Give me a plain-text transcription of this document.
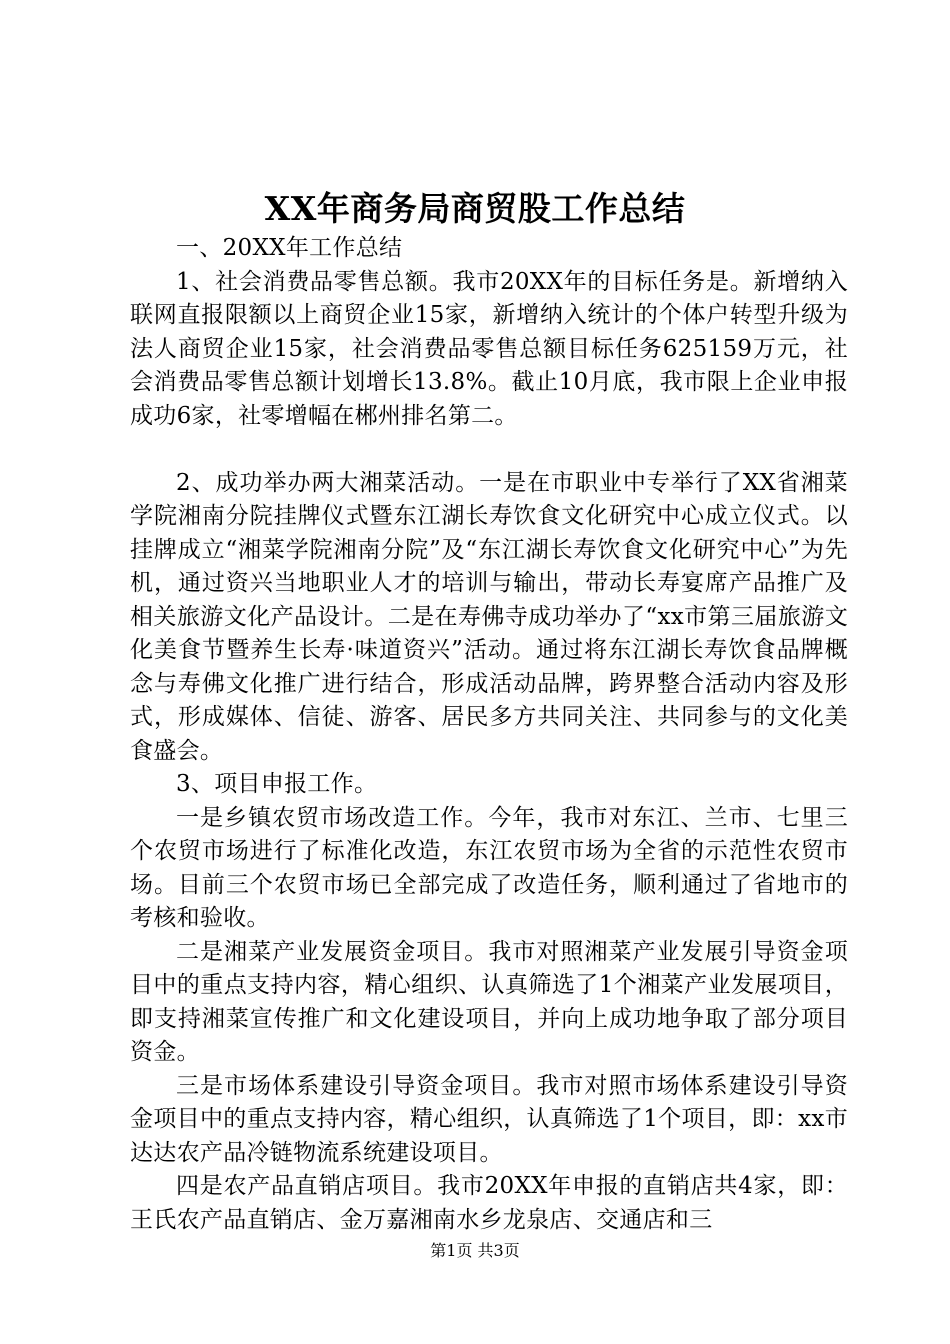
XX年商务局商贸股工作总结

一、20XX年工作总结

1、社会消费品零售总额。我市20XX年的目标任务是。新增纳入联网直报限额以上商贸企业15家，新增纳入统计的个体户转型升级为法人商贸企业15家，社会消费品零售总额目标任务625159万元，社会消费品零售总额计划增长13.8%。截止10月底，我市限上企业申报成功6家，社零增幅在郴州排名第二。

2、成功举办两大湘菜活动。一是在市职业中专举行了XX省湘菜学院湘南分院挂牌仪式暨东江湖长寿饮食文化研究中心成立仪式。以挂牌成立“湘菜学院湘南分院”及“东江湖长寿饮食文化研究中心”为先机，通过资兴当地职业人才的培训与输出，带动长寿宴席产品推广及相关旅游文化产品设计。二是在寿佛寺成功举办了“xx市第三届旅游文化美食节暨养生长寿·味道资兴”活动。通过将东江湖长寿饮食品牌概念与寿佛文化推广进行结合，形成活动品牌，跨界整合活动内容及形式，形成媒体、信徒、游客、居民多方共同关注、共同参与的文化美食盛会。

3、项目申报工作。

一是乡镇农贸市场改造工作。今年，我市对东江、兰市、七里三个农贸市场进行了标准化改造，东江农贸市场为全省的示范性农贸市场。目前三个农贸市场已全部完成了改造任务，顺利通过了省地市的考核和验收。

二是湘菜产业发展资金项目。我市对照湘菜产业发展引导资金项目中的重点支持内容，精心组织、认真筛选了1个湘菜产业发展项目，即支持湘菜宣传推广和文化建设项目，并向上成功地争取了部分项目资金。

三是市场体系建设引导资金项目。我市对照市场体系建设引导资金项目中的重点支持内容，精心组织，认真筛选了1个项目，即：xx市达达农产品冷链物流系统建设项目。

四是农产品直销店项目。我市20XX年申报的直销店共4家，即：王氏农产品直销店、金万嘉湘南水乡龙泉店、交通店和三

第1页 共3页
